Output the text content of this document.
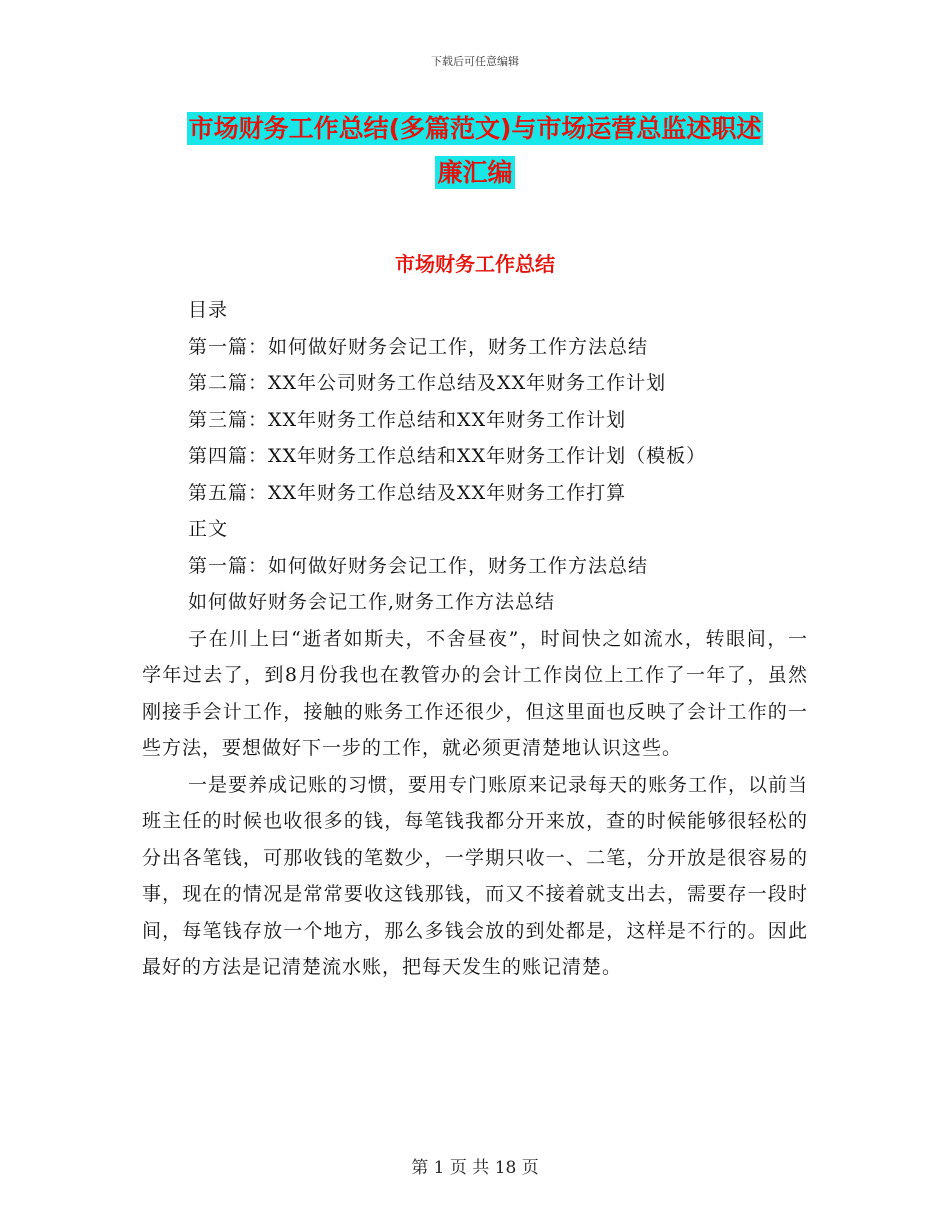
下载后可任意编辑
市场财务工作总结(多篇范文)与市场运营总监述职述
廉汇编
市场财务工作总结

目录

第一篇：如何做好财务会记工作，财务工作方法总结

第二篇：XX年公司财务工作总结及XX年财务工作计划

第三篇：XX年财务工作总结和XX年财务工作计划

第四篇：XX年财务工作总结和XX年财务工作计划（模板）

第五篇：XX年财务工作总结及XX年财务工作打算

正文

第一篇：如何做好财务会记工作，财务工作方法总结

如何做好财务会记工作,财务工作方法总结

子在川上曰“逝者如斯夫，不舍昼夜”，时间快之如流水，转眼间，一学年过去了，到8月份我也在教管办的会计工作岗位上工作了一年了，虽然刚接手会计工作，接触的账务工作还很少，但这里面也反映了会计工作的一些方法，要想做好下一步的工作，就必须更清楚地认识这些。

一是要养成记账的习惯，要用专门账原来记录每天的账务工作，以前当班主任的时候也收很多的钱，每笔钱我都分开来放，查的时候能够很轻松的分出各笔钱，可那收钱的笔数少，一学期只收一、二笔，分开放是很容易的事，现在的情况是常常要收这钱那钱，而又不接着就支出去，需要存一段时间，每笔钱存放一个地方，那么多钱会放的到处都是，这样是不行的。因此最好的方法是记清楚流水账，把每天发生的账记清楚。

第 1 页 共 18 页
